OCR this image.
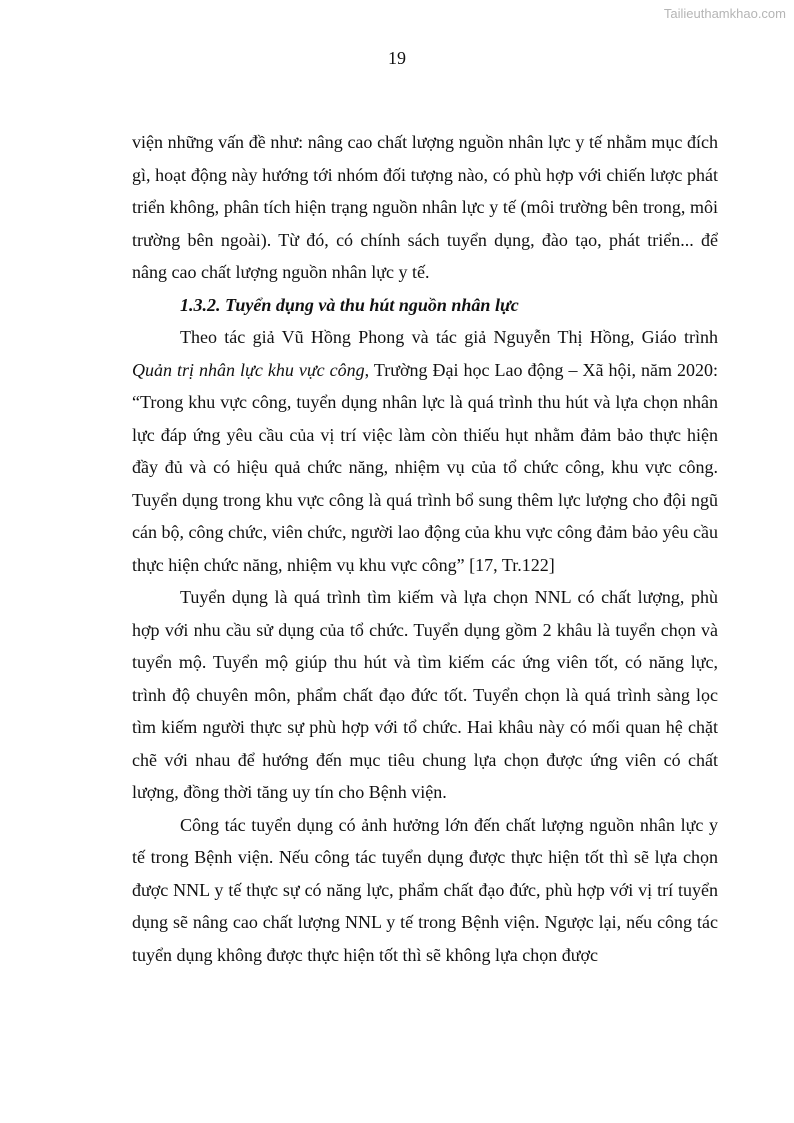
Tailieuthamkhao.com
19

viện những vấn đề như: nâng cao chất lượng nguồn nhân lực y tế nhằm mục đích gì, hoạt động này hướng tới nhóm đối tượng nào, có phù hợp với chiến lược phát triển không, phân tích hiện trạng nguồn nhân lực y tế (môi trường bên trong, môi trường bên ngoài). Từ đó, có chính sách tuyển dụng, đào tạo, phát triển... để nâng cao chất lượng nguồn nhân lực y tế.

1.3.2. Tuyển dụng và thu hút nguồn nhân lực

Theo tác giả Vũ Hồng Phong và tác giả Nguyễn Thị Hồng, Giáo trình Quản trị nhân lực khu vực công, Trường Đại học Lao động – Xã hội, năm 2020: “Trong khu vực công, tuyển dụng nhân lực là quá trình thu hút và lựa chọn nhân lực đáp ứng yêu cầu của vị trí việc làm còn thiếu hụt nhằm đảm bảo thực hiện đầy đủ và có hiệu quả chức năng, nhiệm vụ của tổ chức công, khu vực công. Tuyển dụng trong khu vực công là quá trình bổ sung thêm lực lượng cho đội ngũ cán bộ, công chức, viên chức, người lao động của khu vực công đảm bảo yêu cầu thực hiện chức năng, nhiệm vụ khu vực công” [17, Tr.122]

Tuyển dụng là quá trình tìm kiếm và lựa chọn NNL có chất lượng, phù hợp với nhu cầu sử dụng của tổ chức. Tuyển dụng gồm 2 khâu là tuyển chọn và tuyển mộ. Tuyển mộ giúp thu hút và tìm kiếm các ứng viên tốt, có năng lực, trình độ chuyên môn, phẩm chất đạo đức tốt. Tuyển chọn là quá trình sàng lọc tìm kiếm người thực sự phù hợp với tổ chức. Hai khâu này có mối quan hệ chặt chẽ với nhau để hướng đến mục tiêu chung lựa chọn được ứng viên có chất lượng, đồng thời tăng uy tín cho Bệnh viện.

Công tác tuyển dụng có ảnh hưởng lớn đến chất lượng nguồn nhân lực y tế trong Bệnh viện. Nếu công tác tuyển dụng được thực hiện tốt thì sẽ lựa chọn được NNL y tế thực sự có năng lực, phẩm chất đạo đức, phù hợp với vị trí tuyển dụng sẽ nâng cao chất lượng NNL y tế trong Bệnh viện. Ngược lại, nếu công tác tuyển dụng không được thực hiện tốt thì sẽ không lựa chọn được
